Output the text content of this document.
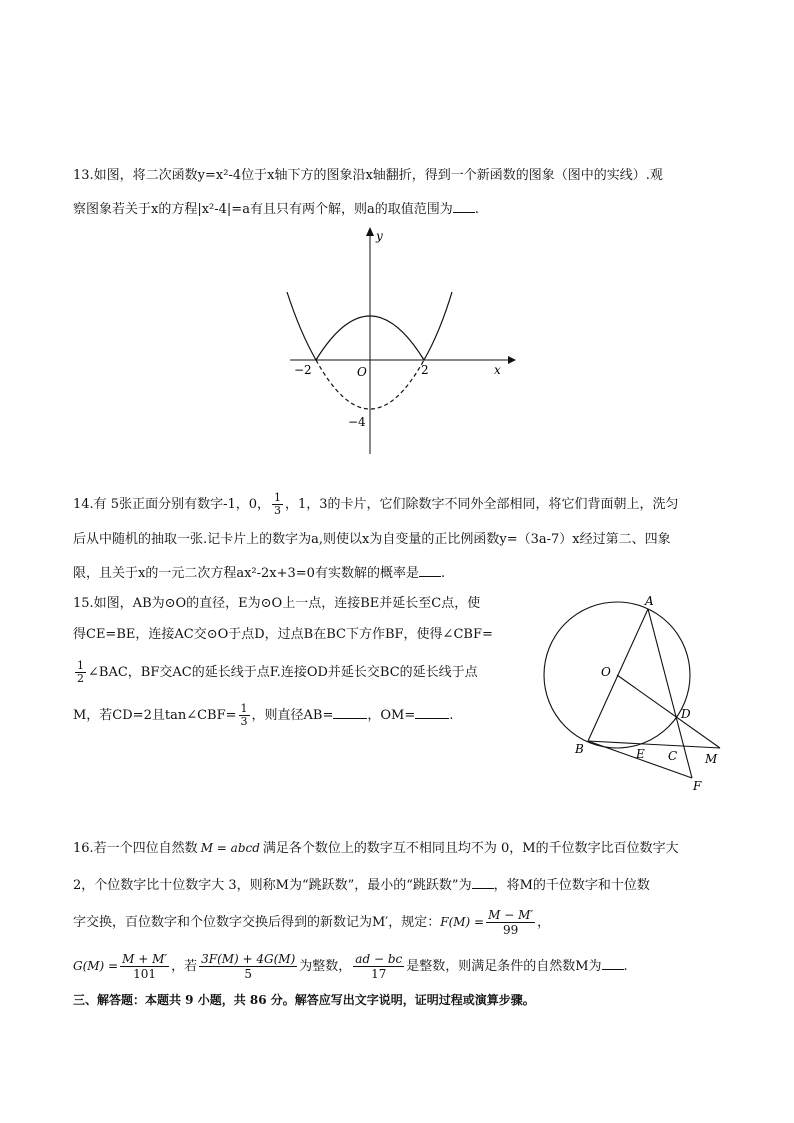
13.如图，将二次函数y=x²-4位于x轴下方的图象沿x轴翻折，得到一个新函数的图象（图中的实线）.观
察图象若关于x的方程|x²-4|=a有且只有两个解，则a的取值范围为 .
y
x
O
−2	2
−4
14.有 5张正面分别有数字-1，0， $\frac{1}{3}$ ，1，3的卡片，它们除数字不同外全部相同，将它们背面朝上，洗匀
后从中随机的抽取一张.记卡片上的数字为a,则使以x为自变量的正比例函数y=（3a-7）x经过第二、四象
限，且关于x的一元二次方程ax²-2x+3=0有实数解的概率是 .
15.如图，AB为⊙O的直径，E为⊙O上一点，连接BE并延长至C点，使
得CE=BE，连接AC交⊙O于点D，过点B在BC下方作BF，使得∠CBF=
$\frac{1}{2}$ ∠BAC，BF交AC的延长线于点F.连接OD并延长交BC的延长线于点
M，若CD=2且tan∠CBF= $\frac{1}{3}$ ，则直径AB=	，OM=	.
A
O
D
B	E C M
F
16.若一个四位自然数 M = abcd 满足各个数位上的数字互不相同且均不为 0，M的千位数字比百位数字大
2，个位数字比十位数字大 3，则称M为“跳跃数”，最小的“跳跃数”为 ，将M的千位数字和十位数
字交换，百位数字和个位数字交换后得到的新数记为M′，规定：$F(M) = \frac{M - M'}{99}$ ，
$G(M) = \frac{M + M'}{101}$ ，若 $\frac{3F(M) + 4G(M)}{5}$ 为整数， $\frac{ad - bc}{17}$ 是整数，则满足条件的自然数M为 .
三、解答题：本题共 9 小题，共 86 分。解答应写出文字说明，证明过程或演算步骤。
